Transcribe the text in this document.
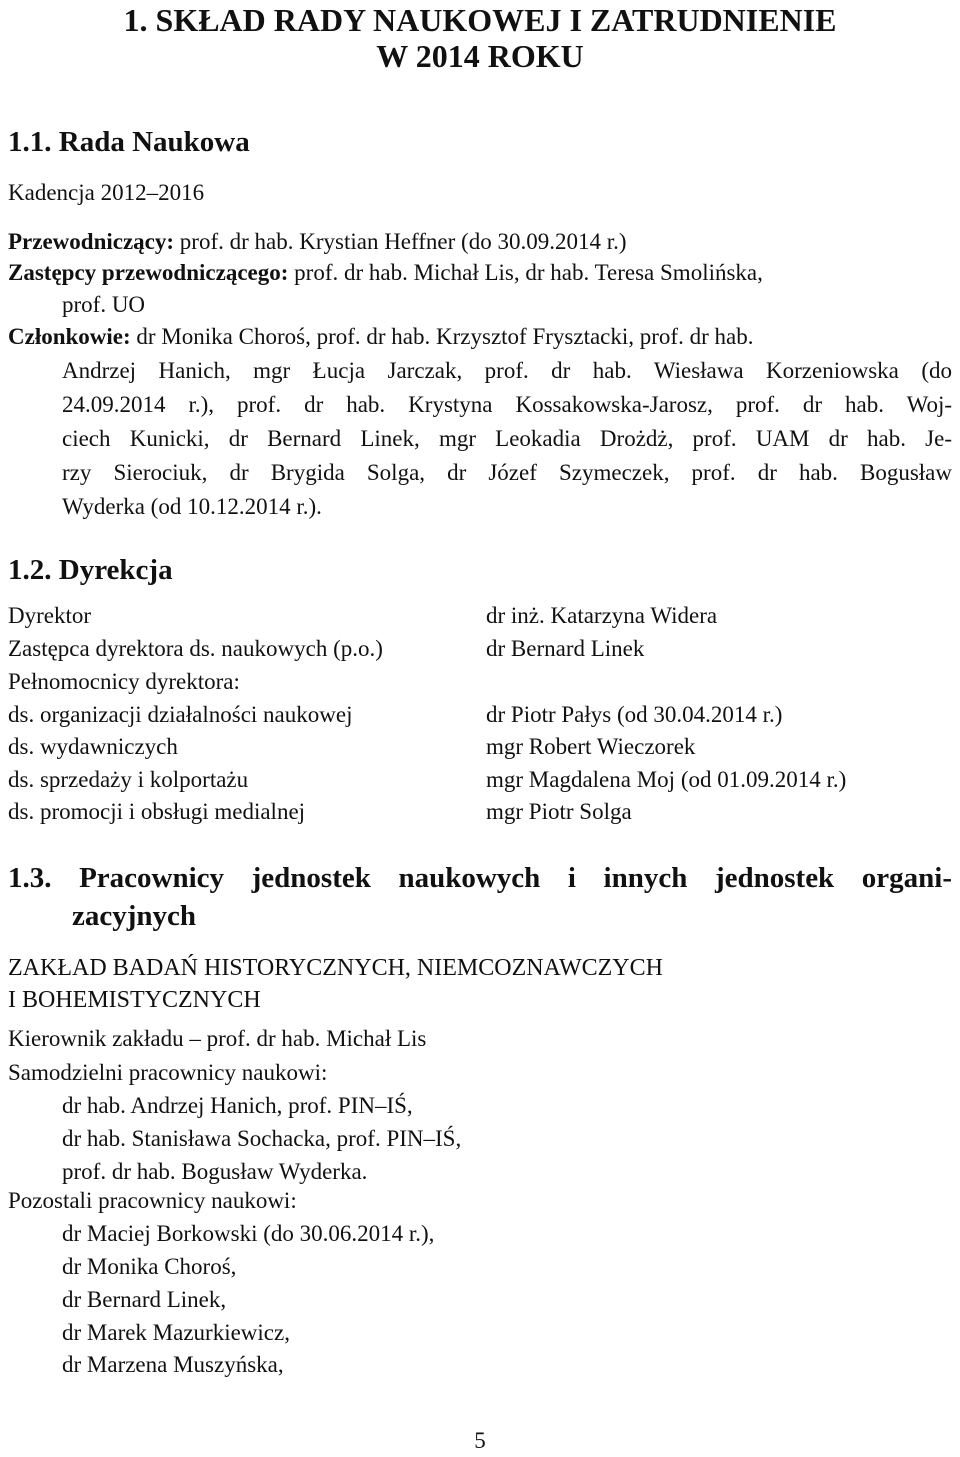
1. SKŁAD RADY NAUKOWEJ I ZATRUDNIENIE
W 2014 ROKU
1.1. Rada Naukowa
Kadencja 2012–2016
Przewodniczący: prof. dr hab. Krystian Heffner (do 30.09.2014 r.)
Zastępcy przewodniczącego: prof. dr hab. Michał Lis, dr hab. Teresa Smolińska,
prof. UO
Członkowie: dr Monika Choroś, prof. dr hab. Krzysztof Frysztacki, prof. dr hab.
Andrzej Hanich, mgr Łucja Jarczak, prof. dr hab. Wiesława Korzeniowska (do
24.09.2014 r.), prof. dr hab. Krystyna Kossakowska-Jarosz, prof. dr hab. Woj-
ciech Kunicki, dr Bernard Linek, mgr Leokadia Drożdż, prof. UAM dr hab. Je-
rzy Sierociuk, dr Brygida Solga, dr Józef Szymeczek, prof. dr hab. Bogusław
Wyderka (od 10.12.2014 r.).
1.2. Dyrekcja
Dyrektor	dr inż. Katarzyna Widera
Zastępca dyrektora ds. naukowych (p.o.)	dr Bernard Linek
Pełnomocnicy dyrektora:
ds. organizacji działalności naukowej	dr Piotr Pałys (od 30.04.2014 r.)
ds. wydawniczych	mgr Robert Wieczorek
ds. sprzedaży i kolportażu	mgr Magdalena Moj (od 01.09.2014 r.)
ds. promocji i obsługi medialnej	mgr Piotr Solga
1.3. Pracownicy jednostek naukowych i innych jednostek organi-
zacyjnych
ZAKŁAD BADAŃ HISTORYCZNYCH, NIEMCOZNAWCZYCH
I BOHEMISTYCZNYCH
Kierownik zakładu – prof. dr hab. Michał Lis
Samodzielni pracownicy naukowi:
dr hab. Andrzej Hanich, prof. PIN–IŚ,
dr hab. Stanisława Sochacka, prof. PIN–IŚ,
prof. dr hab. Bogusław Wyderka.
Pozostali pracownicy naukowi:
dr Maciej Borkowski (do 30.06.2014 r.),
dr Monika Choroś,
dr Bernard Linek,
dr Marek Mazurkiewicz,
dr Marzena Muszyńska,
5
